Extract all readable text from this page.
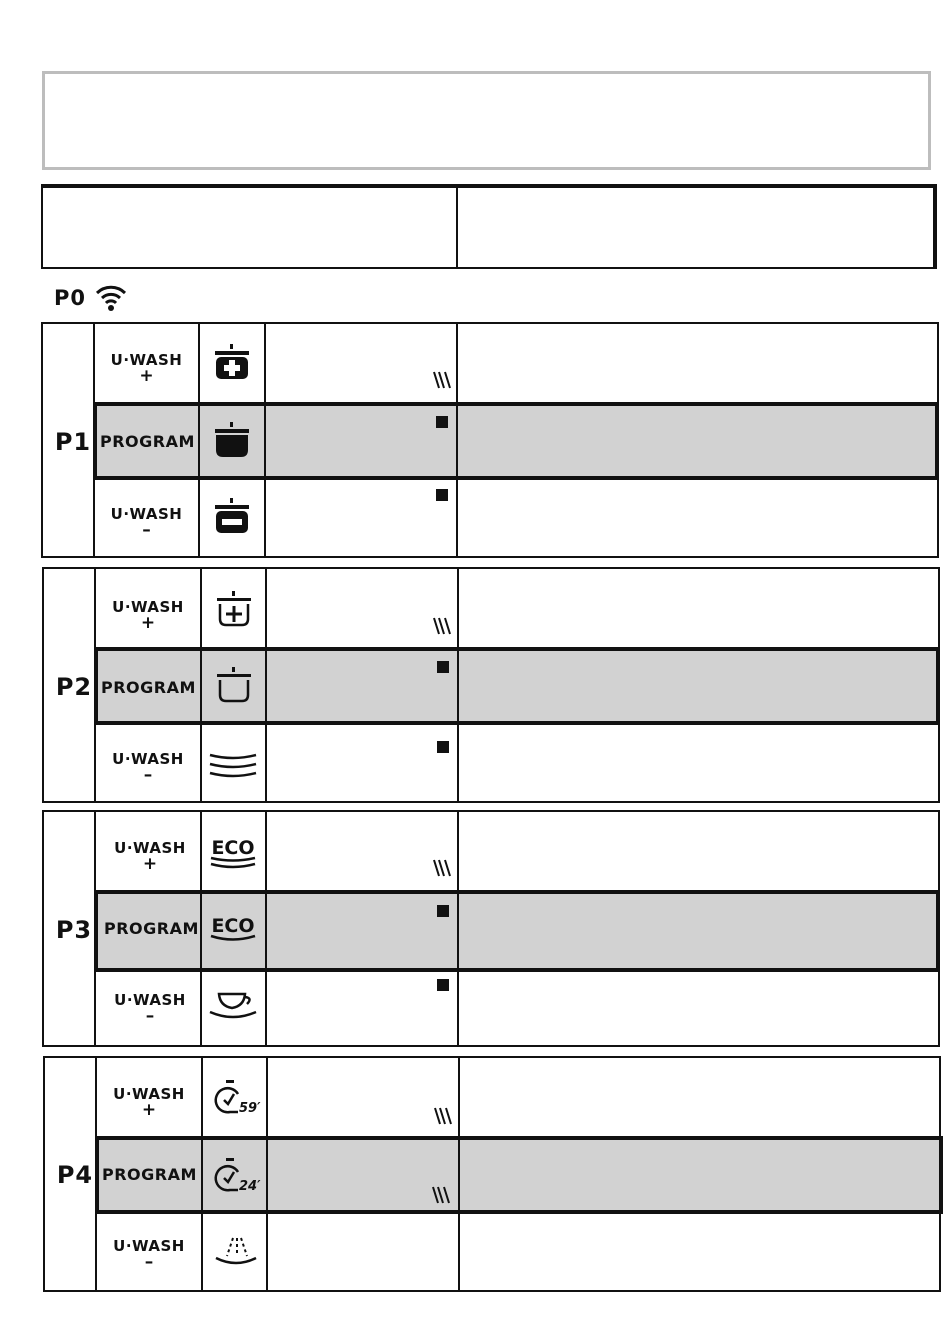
P0
P1
U·WASH
+
PROGRAM
U·WASH
–
P2
U·WASH
+
PROGRAM
U·WASH
–
P3
U·WASH
+
PROGRAM
U·WASH
–
ECO
ECO
P4
U·WASH
+
PROGRAM
U·WASH
–
59′
24′
